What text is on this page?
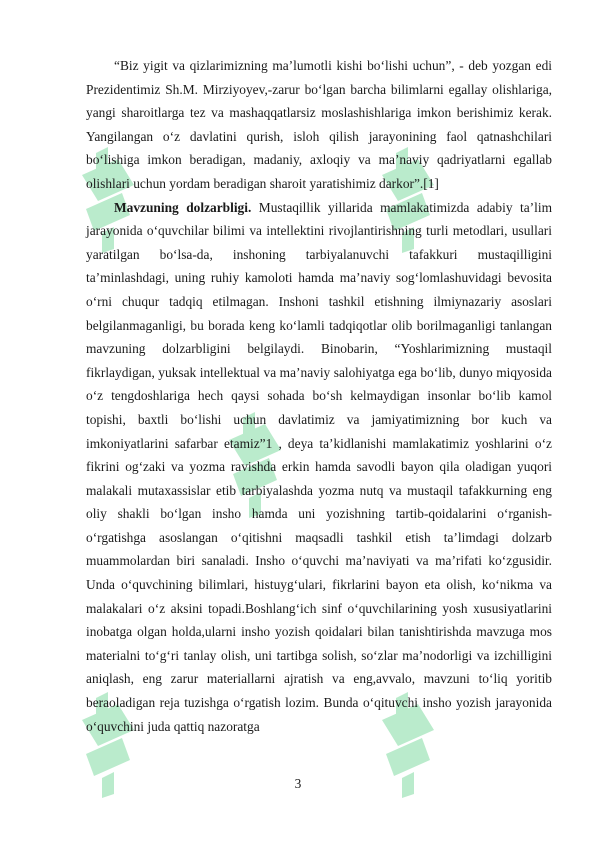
“Biz yigit va qizlarimizning ma’lumotli kishi bo‘lishi uchun”, - deb yozgan edi Prezidentimiz Sh.M. Mirziyoyev,-zarur bo‘lgan barcha bilimlarni egallay olishlariga, yangi sharoitlarga tez va mashaqqatlarsiz moslashishlariga imkon berishimiz kerak. Yangilangan o‘z davlatini qurish, isloh qilish jarayonining faol qatnashchilari bo‘lishiga imkon beradigan, madaniy, axloqiy va ma’naviy qadriyatlarni egallab olishlari uchun yordam beradigan sharoit yaratishimiz darkor”.[1]

Mavzuning dolzarbligi. Mustaqillik yillarida mamlakatimizda adabiy ta’lim jarayonida o‘quvchilar bilimi va intellektini rivojlantirishning turli metodlari, usullari yaratilgan bo‘lsa-da, inshoning tarbiyalanuvchi tafakkuri mustaqilligini ta’minlashdagi, uning ruhiy kamoloti hamda ma’naviy sog‘lomlashuvidagi bevosita o‘rni chuqur tadqiq etilmagan. Inshoni tashkil etishning ilmiynazariy asoslari belgilanmaganligi, bu borada keng ko‘lamli tadqiqotlar olib borilmaganligi tanlangan mavzuning dolzarbligini belgilaydi. Binobarin, “Yoshlarimizning mustaqil fikrlaydigan, yuksak intellektual va ma’naviy salohiyatga ega bo‘lib, dunyo miqyosida o‘z tengdoshlariga hech qaysi sohada bo‘sh kelmaydigan insonlar bo‘lib kamol topishi, baxtli bo‘lishi uchun davlatimiz va jamiyatimizning bor kuch va imkoniyatlarini safarbar etamiz”1 , deya ta’kidlanishi mamlakatimiz yoshlarini o‘z fikrini og‘zaki va yozma ravishda erkin hamda savodli bayon qila oladigan yuqori malakali mutaxassislar etib tarbiyalashda yozma nutq va mustaqil tafakkurning eng oliy shakli bo‘lgan insho hamda uni yozishning tartib-qoidalarini o‘rganish-o‘rgatishga asoslangan o‘qitishni maqsadli tashkil etish ta’limdagi dolzarb muammolardan biri sanaladi. Insho o‘quvchi ma’naviyati va ma’rifati ko‘zgusidir. Unda o‘quvchining bilimlari, histuyg‘ulari, fikrlarini bayon eta olish, ko‘nikma va malakalari o‘z aksini topadi.Boshlang‘ich sinf o‘quvchilarining yosh xususiyatlarini inobatga olgan holda,ularni insho yozish qoidalari bilan tanishtirishda mavzuga mos materialni to‘g‘ri tanlay olish, uni tartibga solish, so‘zlar ma’nodorligi va izchilligini aniqlash, eng zarur materiallarni ajratish va eng,avvalo, mavzuni to‘liq yoritib beraoladigan reja tuzishga o‘rgatish lozim. Bunda o‘qituvchi insho yozish jarayonida o‘quvchini juda qattiq nazoratga

3
